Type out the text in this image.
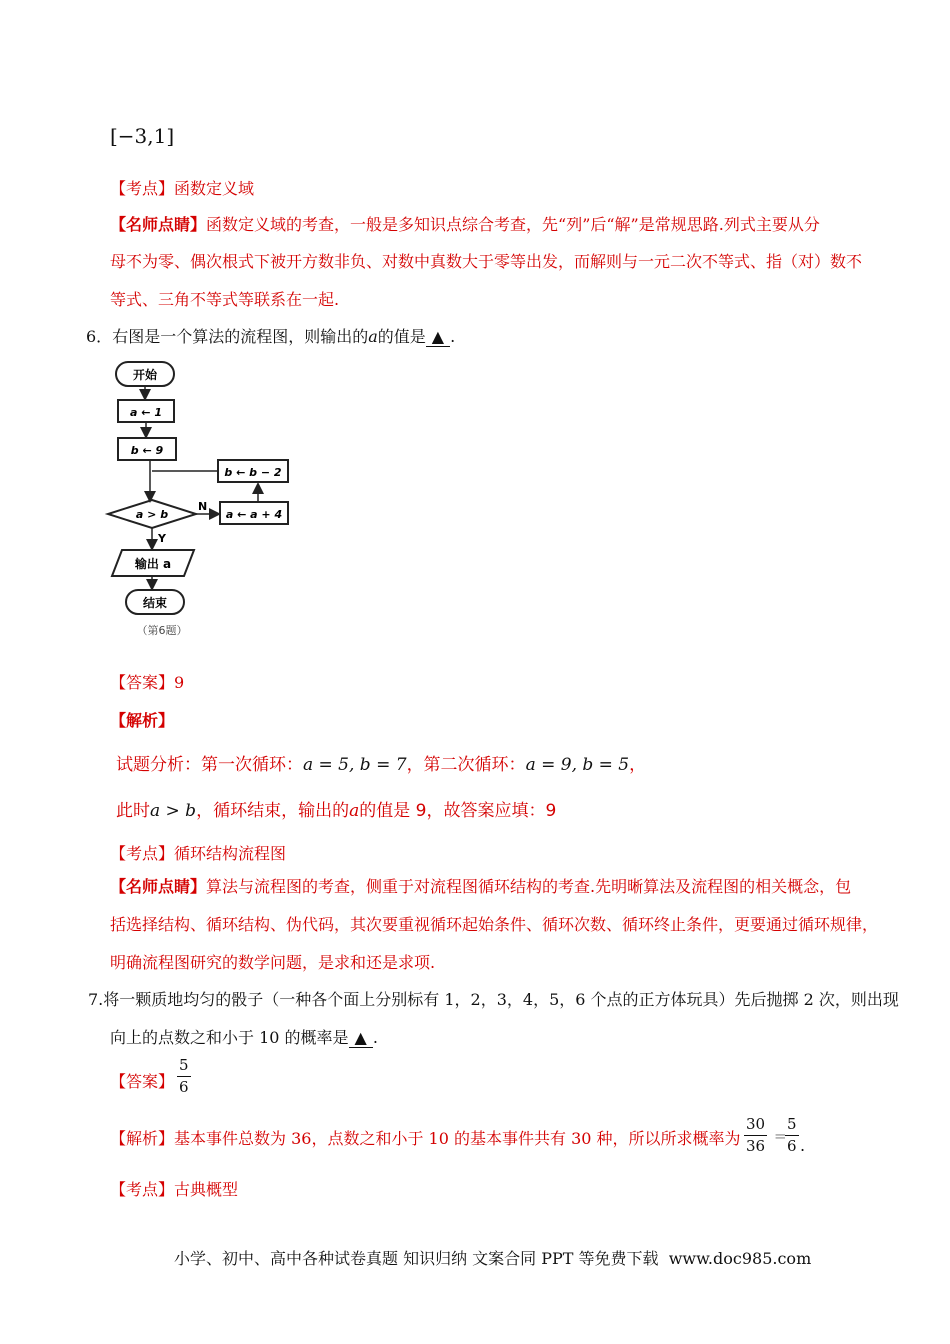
[−3,1]
【考点】函数定义域
【名师点睛】函数定义域的考查，一般是多知识点综合考查，先“列”后“解”是常规思路.列式主要从分
母不为零、偶次根式下被开方数非负、对数中真数大于零等出发，而解则与一元二次不等式、指（对）数不
等式、三角不等式等联系在一起.
6．右图是一个算法的流程图，则输出的a的值是 ▲ .
开始
a ← 1
b ← 9
b ← b − 2
a > b
N
a ← a + 4
Y
输出 a
结束
（第6题）
【答案】9
【解析】
试题分析：第一次循环：a = 5, b = 7，第二次循环：a = 9, b = 5，
此时a > b，循环结束，输出的a的值是 9，故答案应填：9
【考点】循环结构流程图
【名师点睛】算法与流程图的考查，侧重于对流程图循环结构的考查.先明晰算法及流程图的相关概念，包
括选择结构、循环结构、伪代码，其次要重视循环起始条件、循环次数、循环终止条件，更要通过循环规律，
明确流程图研究的数学问题，是求和还是求项.
7.将一颗质地均匀的骰子（一种各个面上分别标有 1，2，3，4，5，6 个点的正方体玩具）先后抛掷 2 次，则出现
向上的点数之和小于 10 的概率是 ▲ .
【答案】
5
6
【解析】基本事件总数为 36，点数之和小于 10 的基本事件共有 30 种，所以所求概率为
30
36
=
5
6 .
【考点】古典概型
小学、初中、高中各种试卷真题 知识归纳 文案合同 PPT 等免费下载 www.doc985.com
